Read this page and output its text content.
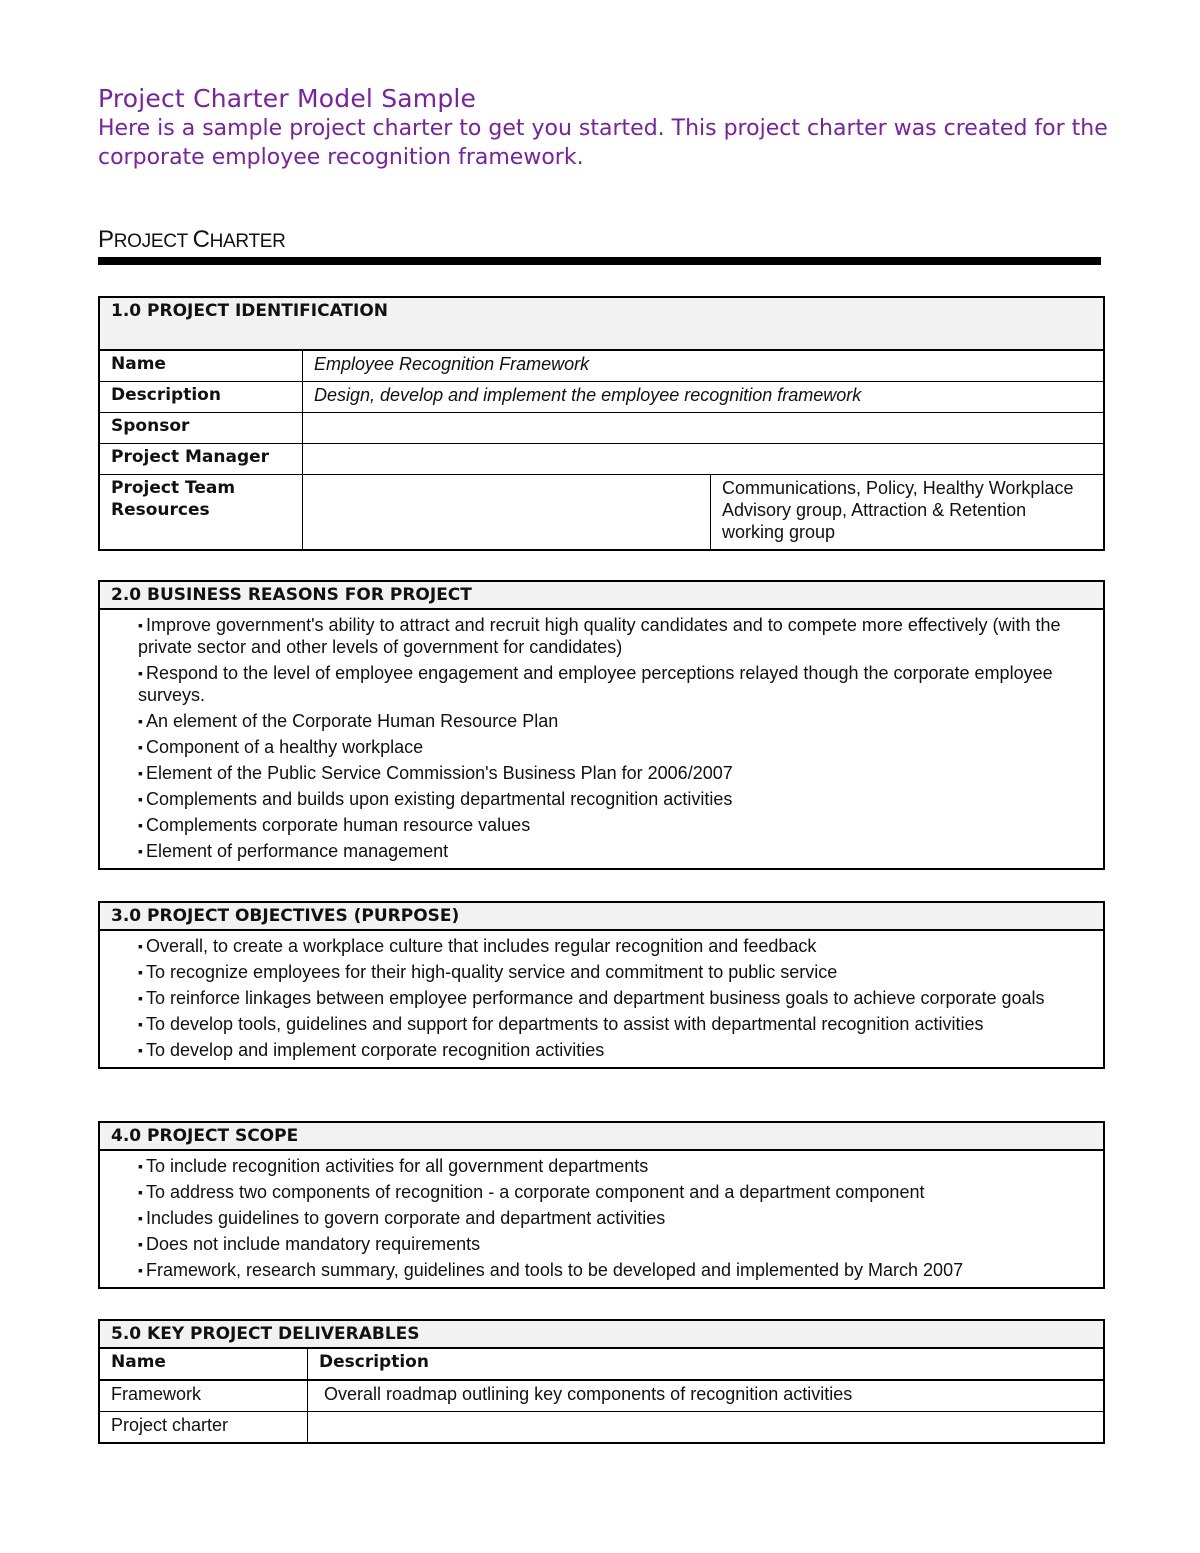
Project Charter Model Sample

Here is a sample project charter to get you started. This project charter was created for the corporate employee recognition framework.

PROJECT CHARTER
1.0 PROJECT IDENTIFICATION		
Name	Employee Recognition Framework	
Description	Design, develop and implement the employee recognition framework	
Sponsor		
Project Manager		
Project Team Resources		Communications, Policy, Healthy Workplace Advisory group, Attraction & Retention working group
2.0 BUSINESS REASONS FOR PROJECT

▪ Improve government's ability to attract and recruit high quality candidates and to compete more effectively (with the private sector and other levels of government for candidates)
▪ Respond to the level of employee engagement and employee perceptions relayed though the corporate employee surveys.
▪ An element of the Corporate Human Resource Plan
▪ Component of a healthy workplace
▪ Element of the Public Service Commission's Business Plan for 2006/2007
▪ Complements and builds upon existing departmental recognition activities
▪ Complements corporate human resource values
▪ Element of performance management
3.0 PROJECT OBJECTIVES (PURPOSE)

▪ Overall, to create a workplace culture that includes regular recognition and feedback
▪ To recognize employees for their high-quality service and commitment to public service
▪ To reinforce linkages between employee performance and department business goals to achieve corporate goals
▪ To develop tools, guidelines and support for departments to assist with departmental recognition activities
▪ To develop and implement corporate recognition activities
4.0 PROJECT SCOPE

▪ To include recognition activities for all government departments
▪ To address two components of recognition - a corporate component and a department component
▪ Includes guidelines to govern corporate and department activities
▪ Does not include mandatory requirements
▪ Framework, research summary, guidelines and tools to be developed and implemented by March 2007
5.0 KEY PROJECT DELIVERABLES	
Name	Description
Framework	Overall roadmap outlining key components of recognition activities
Project charter	
